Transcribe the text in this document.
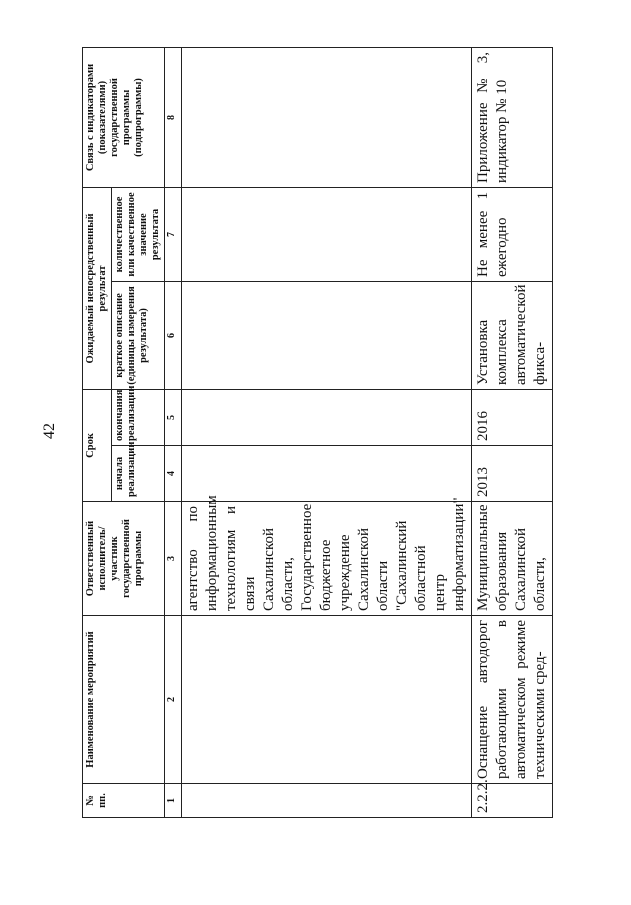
42
№ пп.	Наименование мероприятий	Ответственный исполнитель/ участник государственной программы	Срок		Ожидаемый непосредственный результат		Связь с индикаторами (показателями) государственной программы (подпрограммы)
			начала реализации	окончания реализации	краткое описание (единицы измерения результата)	количественное или качественное значение результата	
1	2	3	4	5	6	7	8
		агентство по информационным технологиям и связи Сахалинской области, Государственное бюджетное учреждение Сахалинской области "Сахалинский областной центр информатизации"					
2.2.2.	Оснащение автодорог работающими в автоматическом режиме техническими сред-	Муниципальные образования Сахалинской области,	2013	2016	Установка комплекса автоматической фикса-	Не менее 1 ежегодно	Приложение № 3, индикатор № 10
